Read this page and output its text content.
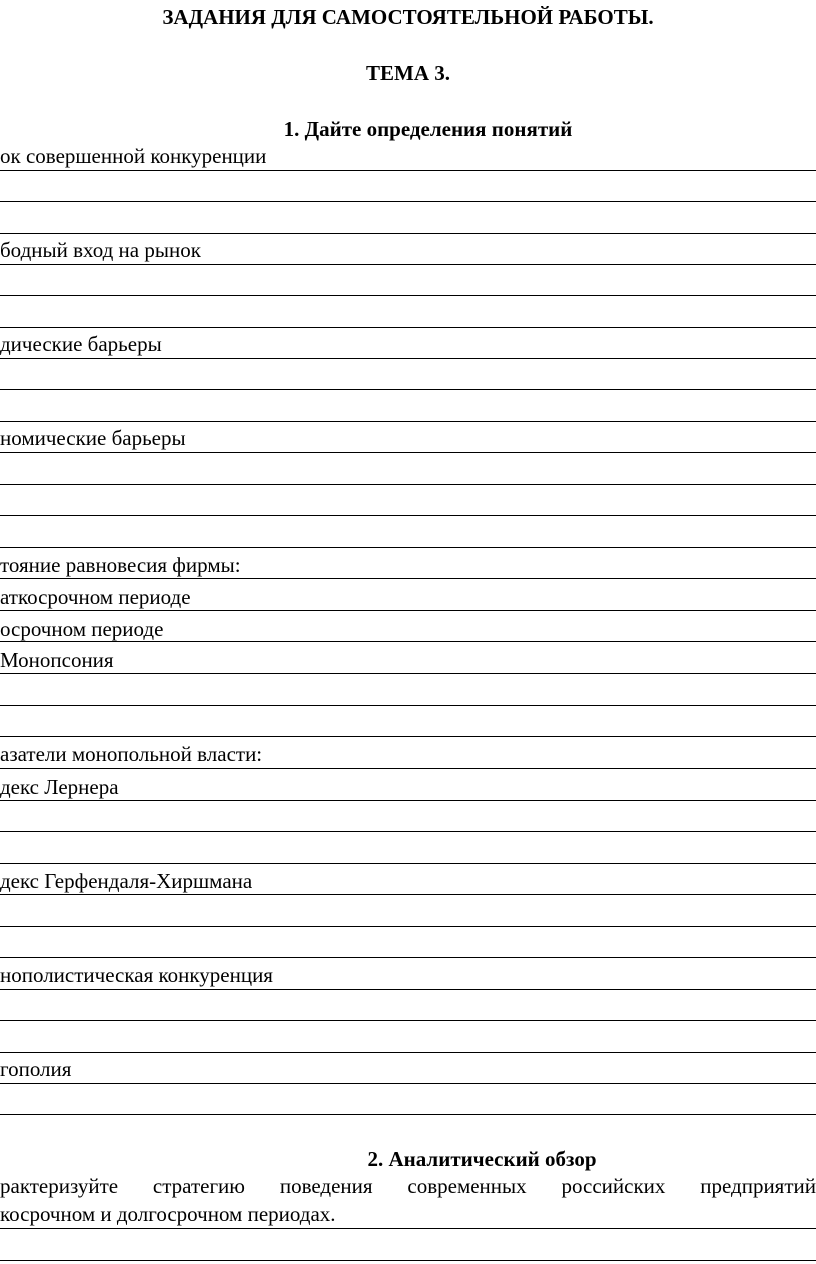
ЗАДАНИЯ ДЛЯ САМОСТОЯТЕЛЬНОЙ РАБОТЫ.
ТЕМА 3.
1. Дайте определения понятий
ок совершенной конкуренции
бодный вход на рынок
дические барьеры
номические барьеры
тояние равновесия фирмы:
аткосрочном периоде
осрочном периоде
Монопсония
азатели монопольной власти:
декс Лернера
декс Герфендаля-Хиршмана
нополистическая конкуренция
гополия
2. Аналитический обзор
рактеризуйте стратегию поведения современных российских предприятий
косрочном и долгосрочном периодах.
